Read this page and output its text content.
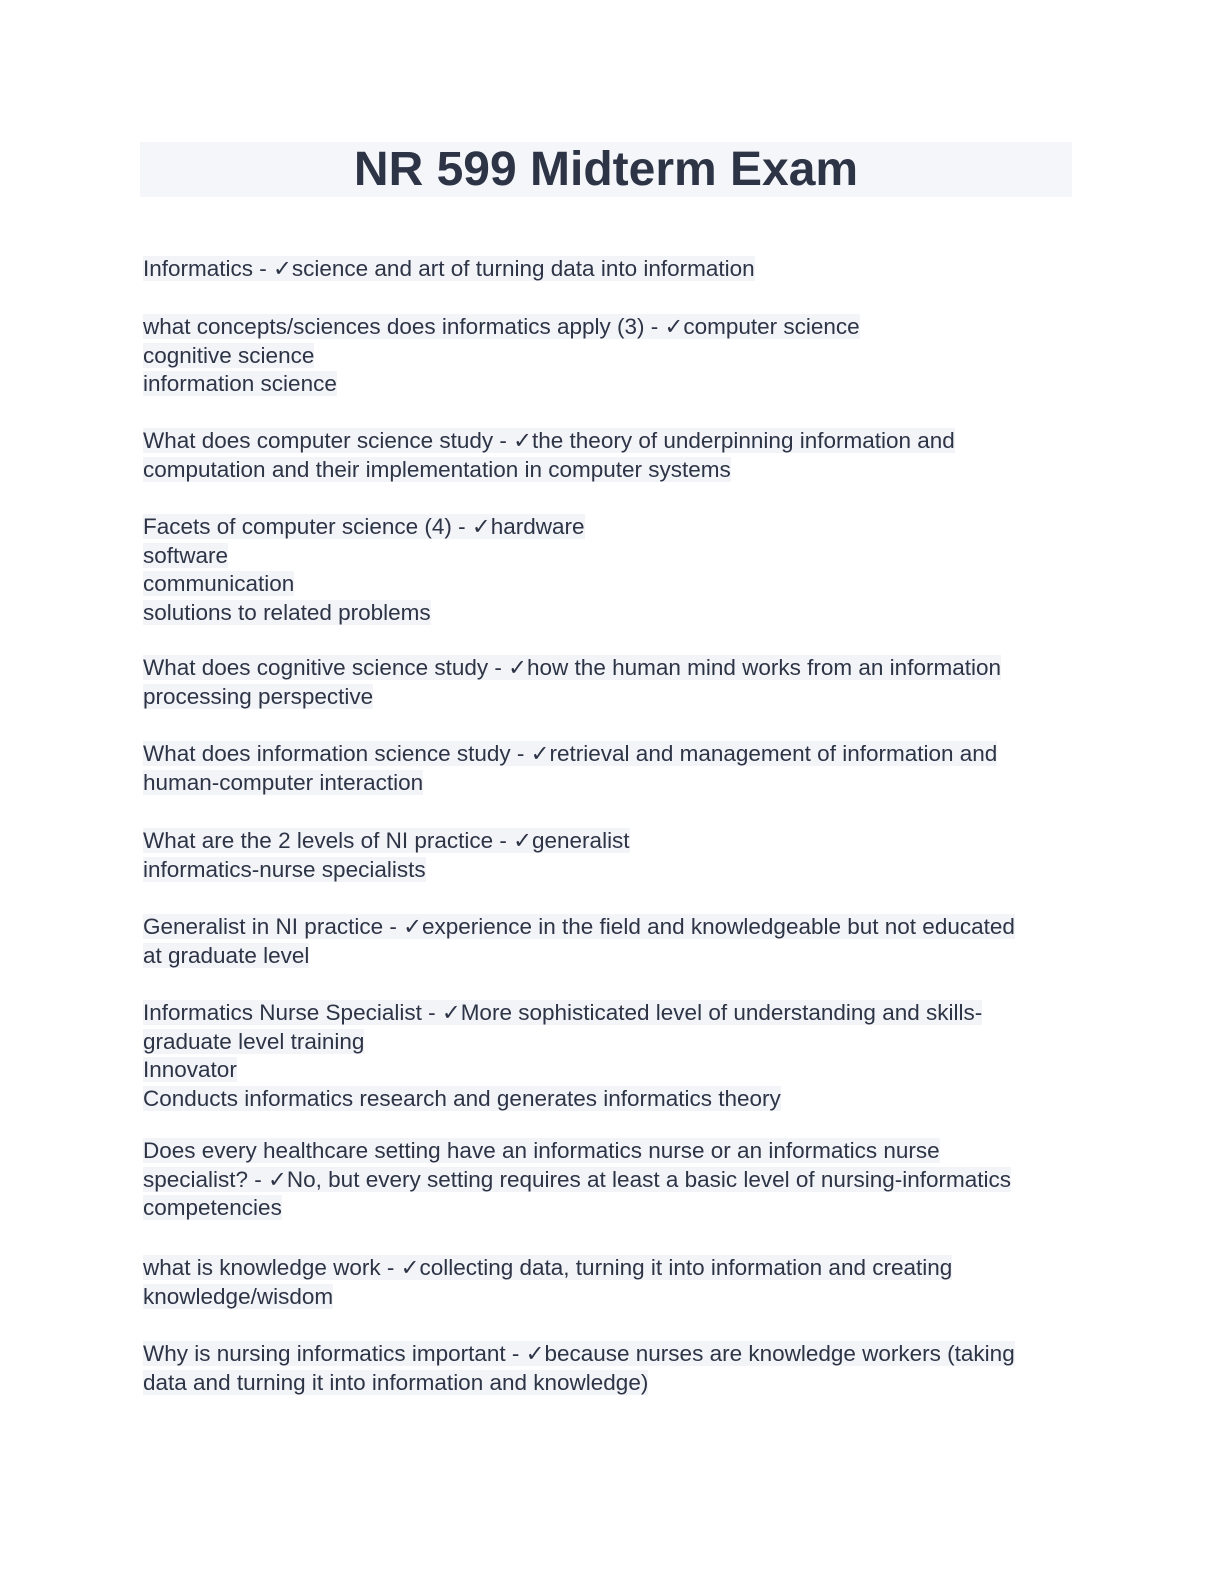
NR 599 Midterm Exam
Informatics - ✓science and art of turning data into information
what concepts/sciences does informatics apply (3) - ✓computer science
cognitive science
information science
What does computer science study - ✓the theory of underpinning information and
computation and their implementation in computer systems
Facets of computer science (4) - ✓hardware
software
communication
solutions to related problems
What does cognitive science study - ✓how the human mind works from an information
processing perspective
What does information science study - ✓retrieval and management of information and
human-computer interaction
What are the 2 levels of NI practice - ✓generalist
informatics-nurse specialists
Generalist in NI practice - ✓experience in the field and knowledgeable but not educated
at graduate level
Informatics Nurse Specialist - ✓More sophisticated level of understanding and skills-
graduate level training
Innovator
Conducts informatics research and generates informatics theory
Does every healthcare setting have an informatics nurse or an informatics nurse
specialist? - ✓No, but every setting requires at least a basic level of nursing-informatics
competencies
what is knowledge work - ✓collecting data, turning it into information and creating
knowledge/wisdom
Why is nursing informatics important - ✓because nurses are knowledge workers (taking
data and turning it into information and knowledge)
